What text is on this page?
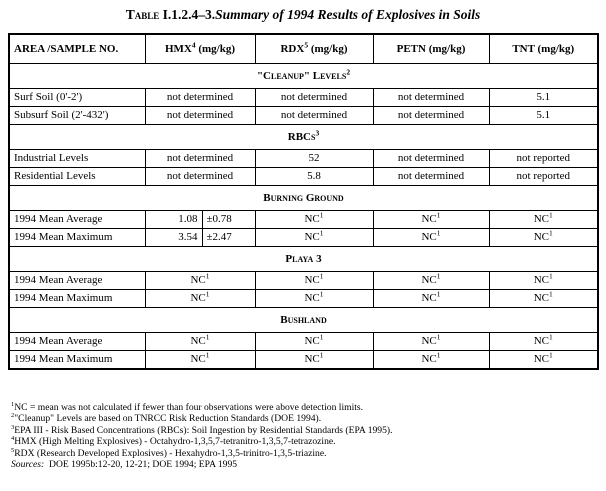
Table I.1.2.4–3.Summary of 1994 Results of Explosives in Soils
AREA /SAMPLE NO.	HMX$^4$ (mg/kg)		RDX$^5$ (mg/kg)	PETN (mg/kg)	TNT (mg/kg)
"Cleanup" Levels$^2$
Surf Soil (0'-2')	not determined		not determined	not determined	5.1
Subsurf Soil (2'-432')	not determined		not determined	not determined	5.1
RBCs$^3$
Industrial Levels	not determined		52	not determined	not reported
Residential Levels	not determined		5.8	not determined	not reported
Burning Ground					
1994 Mean Average	1.08	±0.78	$NC^1$	$NC^1$	$NC^1$
1994 Mean Maximum	3.54	±2.47	$NC^1$	$NC^1$	$NC^1$
Playa 3					
1994 Mean Average	$NC^1$		$NC^1$	$NC^1$	$NC^1$
1994 Mean Maximum	$NC^1$		$NC^1$	$NC^1$	$NC^1$
Bushland					
1994 Mean Average	$NC^1$		$NC^1$	$NC^1$	$NC^1$
1994 Mean Maximum	$NC^1$		$NC^1$	$NC^1$	$NC^1$
$^1$NC = mean was not calculated if fewer than four observations were above detection limits.
$^2$"Cleanup" Levels are based on TNRCC Risk Reduction Standards (DOE 1994).
$^3$EPA III - Risk Based Concentrations (RBCs): Soil Ingestion by Residential Standards (EPA 1995).
$^4$HMX (High Melting Explosives) - Octahydro-1,3,5,7-tetranitro-1,3,5,7-tetrazozine.
$^5$RDX (Research Developed Explosives) - Hexahydro-1,3,5-trinitro-1,3,5-triazine.
Sources: DOE 1995b:12-20, 12-21; DOE 1994; EPA 1995
